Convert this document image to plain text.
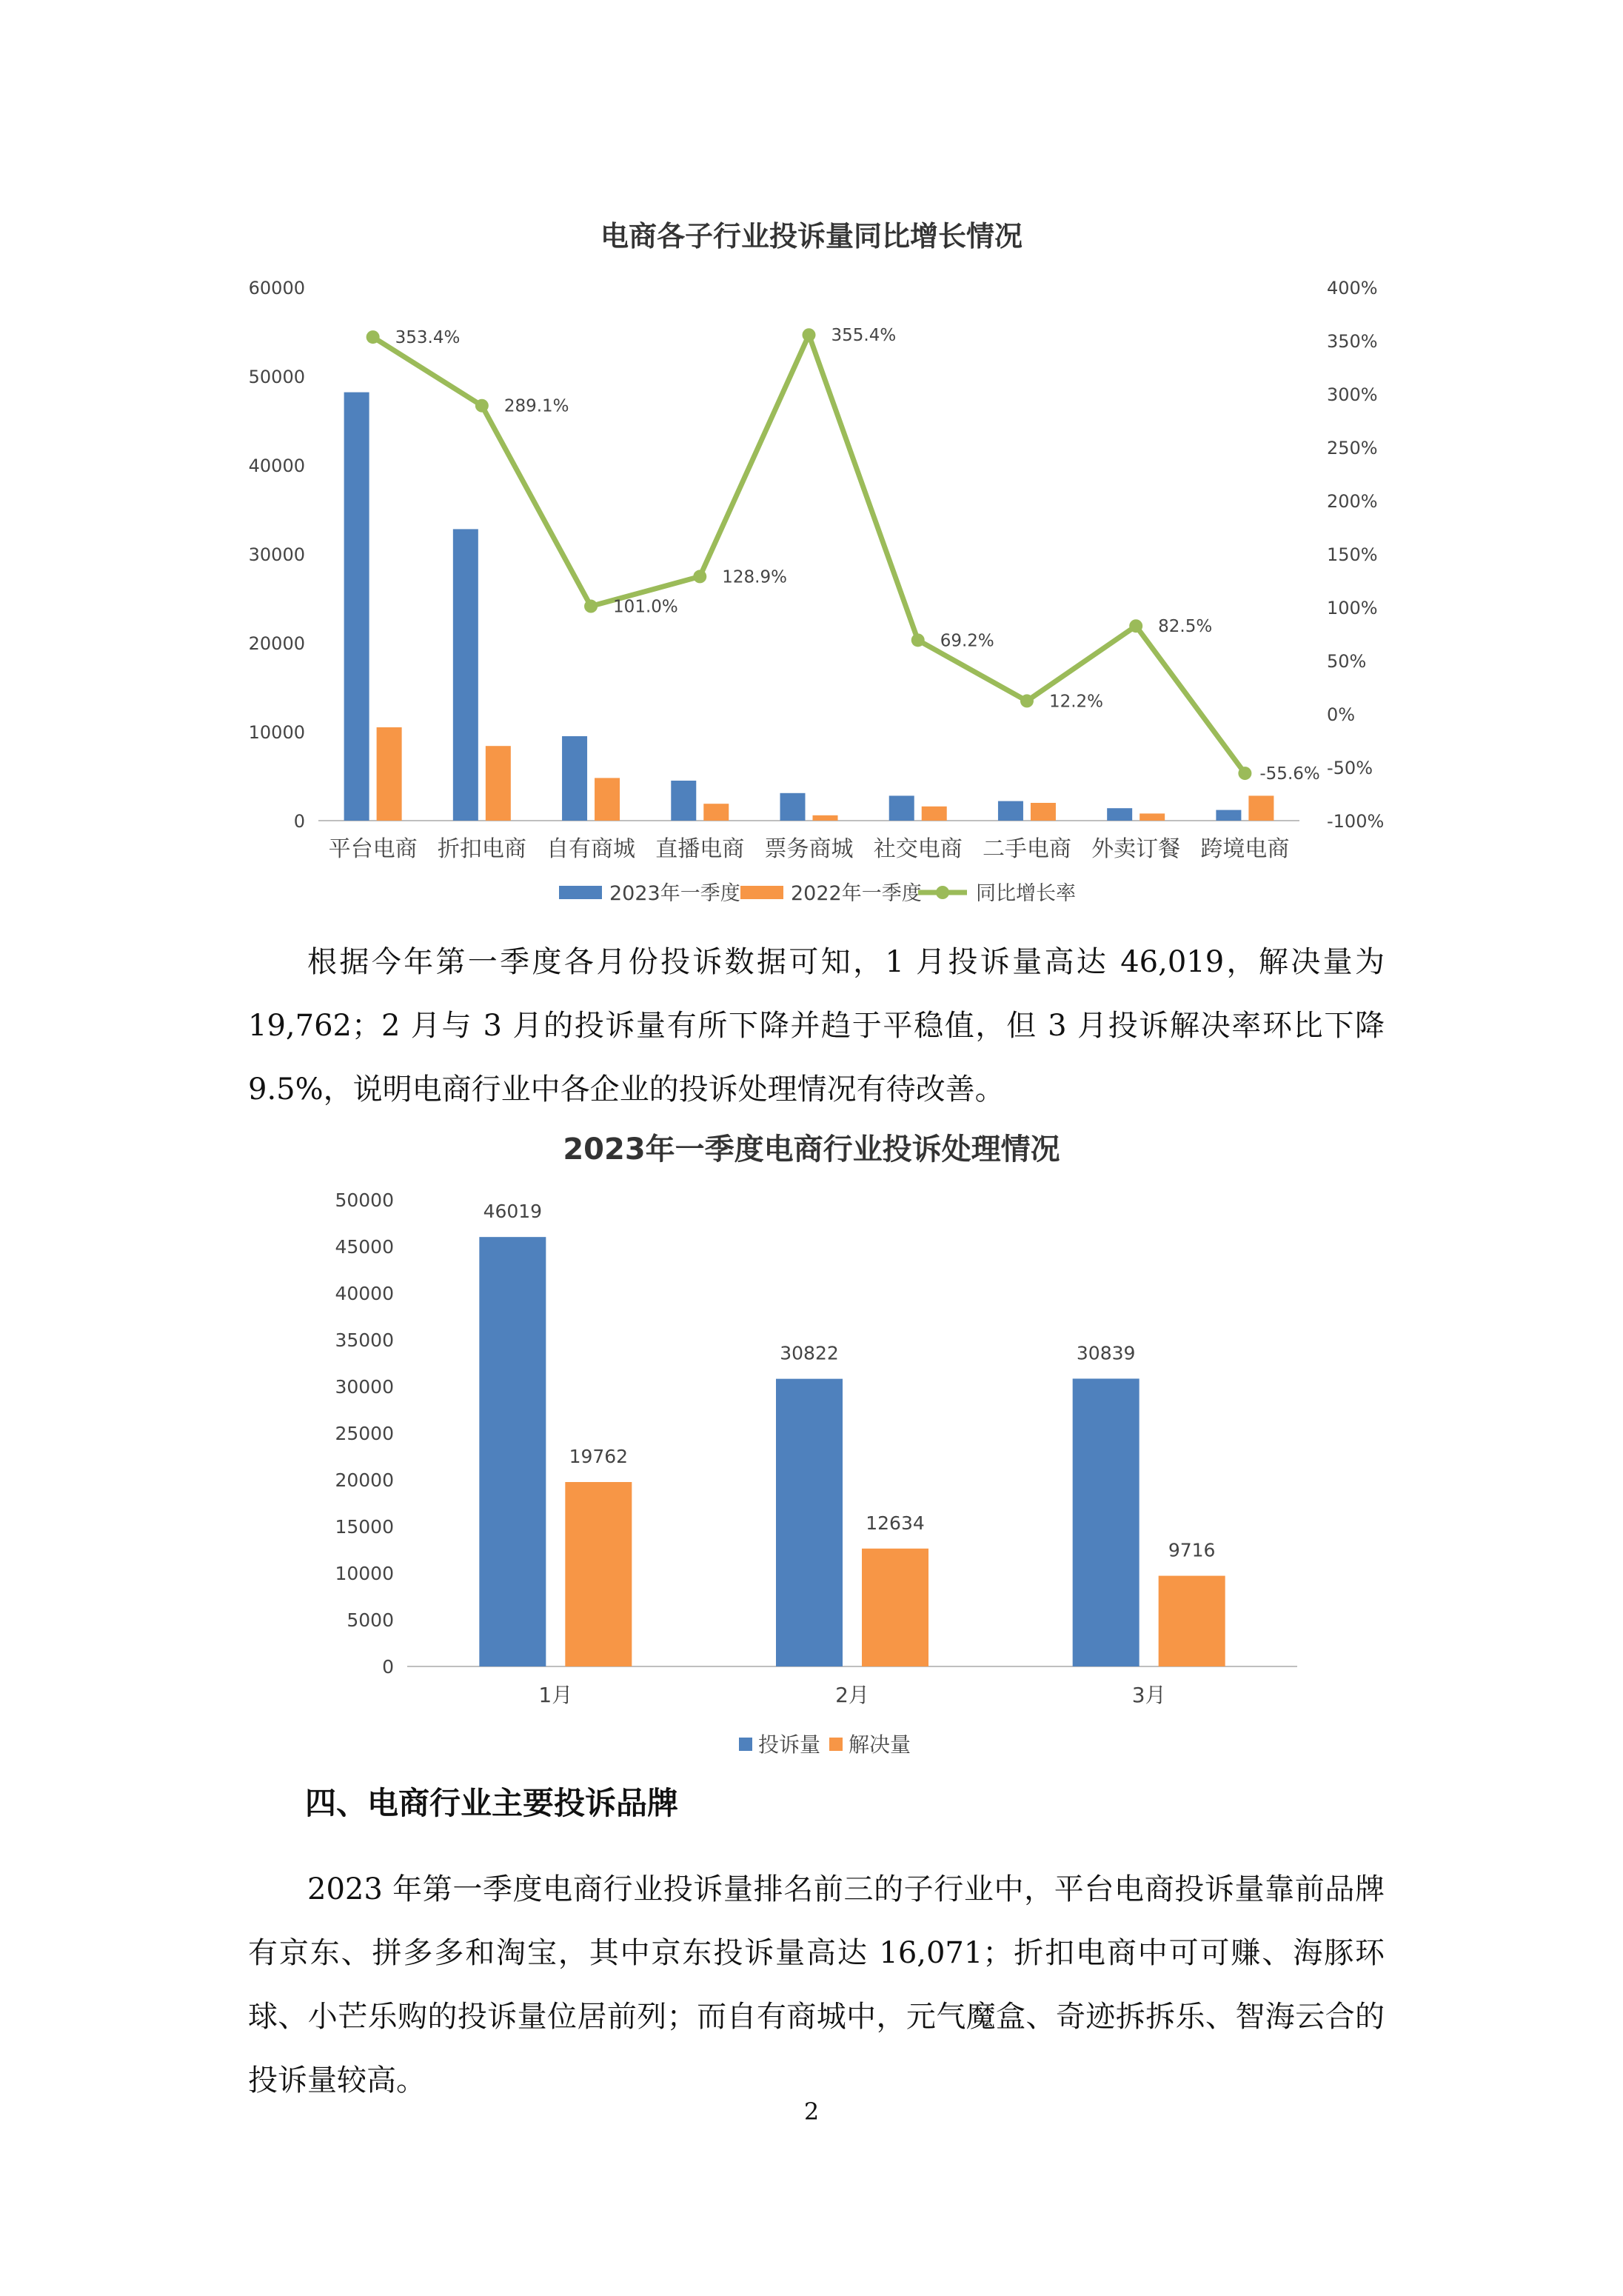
电商各子行业投诉量同比增长情况
0
10000
20000
30000
40000
50000
60000
-100%
-50%
0%
50%
100%
150%
200%
250%
300%
350%
400%
平台电商 折扣电商 自有商城 直播电商 票务商城 社交电商 二手电商 外卖订餐 跨境电商
353.4%
289.1%
101.0%
128.9%
355.4%
69.2%
12.2%
82.5%
-55.6%
2023年一季度	2022年一季度	同比增长率

根据今年第一季度各月份投诉数据可知，1 月投诉量高达 46,019，解决量为 19,762；2 月与 3 月的投诉量有所下降并趋于平稳值，但 3 月投诉解决率环比下降 9.5%，说明电商行业中各企业的投诉处理情况有待改善。

2023年一季度电商行业投诉处理情况
0
5000
10000
15000
20000
25000
30000
35000
40000
45000
50000
1月	2月	3月
46019
19762
30822
12634
30839
9716
投诉量 解决量
四、电商行业主要投诉品牌

2023 年第一季度电商行业投诉量排名前三的子行业中，平台电商投诉量靠前品牌有京东、拼多多和淘宝，其中京东投诉量高达 16,071；折扣电商中可可赚、海豚环球、小芒乐购的投诉量位居前列；而自有商城中，元气魔盒、奇迹拆拆乐、智海云合的投诉量较高。

2
